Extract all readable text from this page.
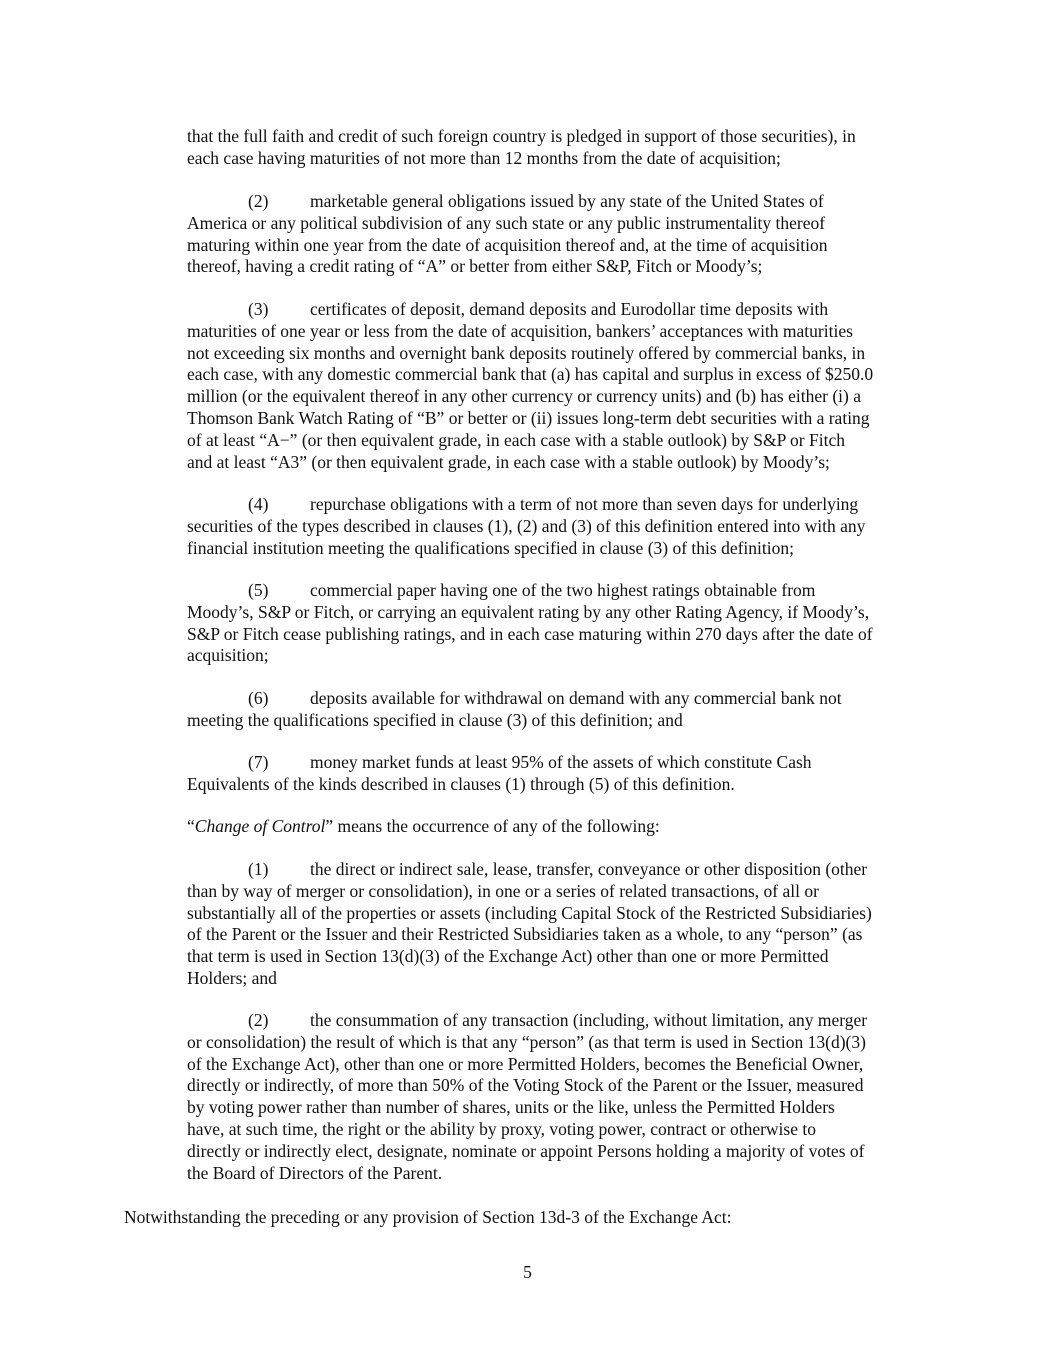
that the full faith and credit of such foreign country is pledged in support of those securities), in
each case having maturities of not more than 12 months from the date of acquisition;

(2) marketable general obligations issued by any state of the United States of
America or any political subdivision of any such state or any public instrumentality thereof
maturing within one year from the date of acquisition thereof and, at the time of acquisition
thereof, having a credit rating of “A” or better from either S&P, Fitch or Moody’s;

(3) certificates of deposit, demand deposits and Eurodollar time deposits with
maturities of one year or less from the date of acquisition, bankers’ acceptances with maturities
not exceeding six months and overnight bank deposits routinely offered by commercial banks, in
each case, with any domestic commercial bank that (a) has capital and surplus in excess of $250.0
million (or the equivalent thereof in any other currency or currency units) and (b) has either (i) a
Thomson Bank Watch Rating of “B” or better or (ii) issues long-term debt securities with a rating
of at least “A−” (or then equivalent grade, in each case with a stable outlook) by S&P or Fitch
and at least “A3” (or then equivalent grade, in each case with a stable outlook) by Moody’s;

(4) repurchase obligations with a term of not more than seven days for underlying
securities of the types described in clauses (1), (2) and (3) of this definition entered into with any
financial institution meeting the qualifications specified in clause (3) of this definition;

(5) commercial paper having one of the two highest ratings obtainable from
Moody’s, S&P or Fitch, or carrying an equivalent rating by any other Rating Agency, if Moody’s,
S&P or Fitch cease publishing ratings, and in each case maturing within 270 days after the date of
acquisition;

(6) deposits available for withdrawal on demand with any commercial bank not
meeting the qualifications specified in clause (3) of this definition; and

(7) money market funds at least 95% of the assets of which constitute Cash
Equivalents of the kinds described in clauses (1) through (5) of this definition.

“Change of Control” means the occurrence of any of the following:

(1) the direct or indirect sale, lease, transfer, conveyance or other disposition (other
than by way of merger or consolidation), in one or a series of related transactions, of all or
substantially all of the properties or assets (including Capital Stock of the Restricted Subsidiaries)
of the Parent or the Issuer and their Restricted Subsidiaries taken as a whole, to any “person” (as
that term is used in Section 13(d)(3) of the Exchange Act) other than one or more Permitted
Holders; and

(2) the consummation of any transaction (including, without limitation, any merger
or consolidation) the result of which is that any “person” (as that term is used in Section 13(d)(3)
of the Exchange Act), other than one or more Permitted Holders, becomes the Beneficial Owner,
directly or indirectly, of more than 50% of the Voting Stock of the Parent or the Issuer, measured
by voting power rather than number of shares, units or the like, unless the Permitted Holders
have, at such time, the right or the ability by proxy, voting power, contract or otherwise to
directly or indirectly elect, designate, nominate or appoint Persons holding a majority of votes of
the Board of Directors of the Parent.

Notwithstanding the preceding or any provision of Section 13d-3 of the Exchange Act:

5
